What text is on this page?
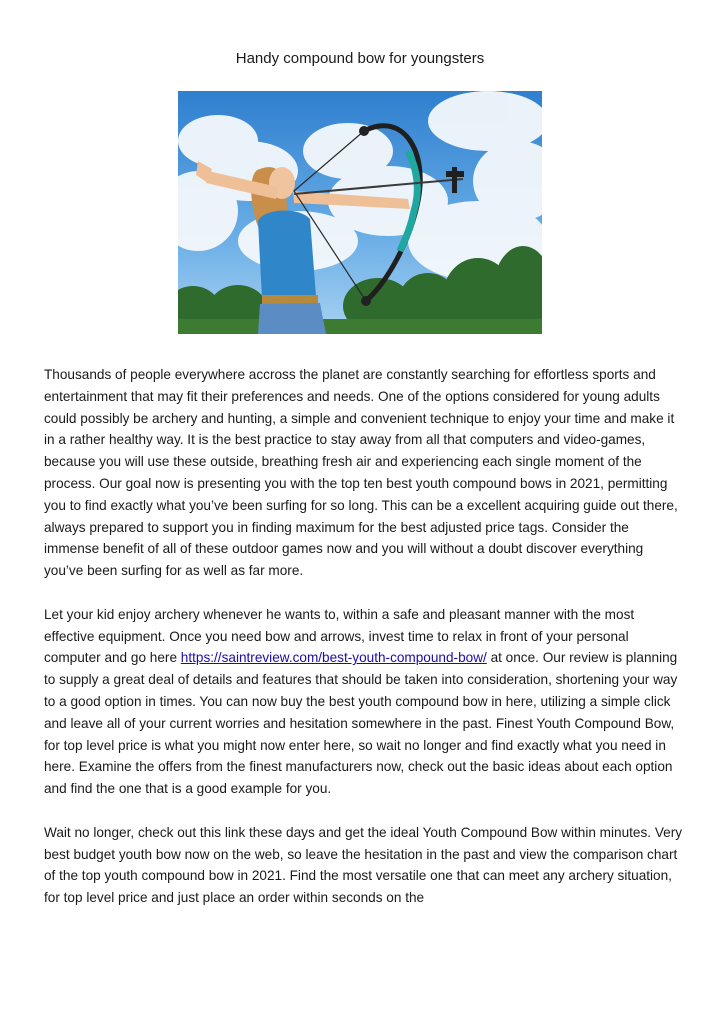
Handy compound bow for youngsters

Thousands of people everywhere accross the planet are constantly searching for effortless sports and entertainment that may fit their preferences and needs. One of the options considered for young adults could possibly be archery and hunting, a simple and convenient technique to enjoy your time and make it in a rather healthy way. It is the best practice to stay away from all that computers and video-games, because you will use these outside, breathing fresh air and experiencing each single moment of the process. Our goal now is presenting you with the top ten best youth compound bows in 2021, permitting you to find exactly what you’ve been surfing for so long. This can be a excellent acquiring guide out there, always prepared to support you in finding maximum for the best adjusted price tags. Consider the immense benefit of all of these outdoor games now and you will without a doubt discover everything you’ve been surfing for as well as far more.

Let your kid enjoy archery whenever he wants to, within a safe and pleasant manner with the most effective equipment. Once you need bow and arrows, invest time to relax in front of your personal computer and go here https://saintreview.com/best-youth-compound-bow/ at once. Our review is planning to supply a great deal of details and features that should be taken into consideration, shortening your way to a good option in times. You can now buy the best youth compound bow in here, utilizing a simple click and leave all of your current worries and hesitation somewhere in the past. Finest Youth Compound Bow, for top level price is what you might now enter here, so wait no longer and find exactly what you need in here. Examine the offers from the finest manufacturers now, check out the basic ideas about each option and find the one that is a good example for you.

Wait no longer, check out this link these days and get the ideal Youth Compound Bow within minutes. Very best budget youth bow now on the web, so leave the hesitation in the past and view the comparison chart of the top youth compound bow in 2021. Find the most versatile one that can meet any archery situation, for top level price and just place an order within seconds on the
